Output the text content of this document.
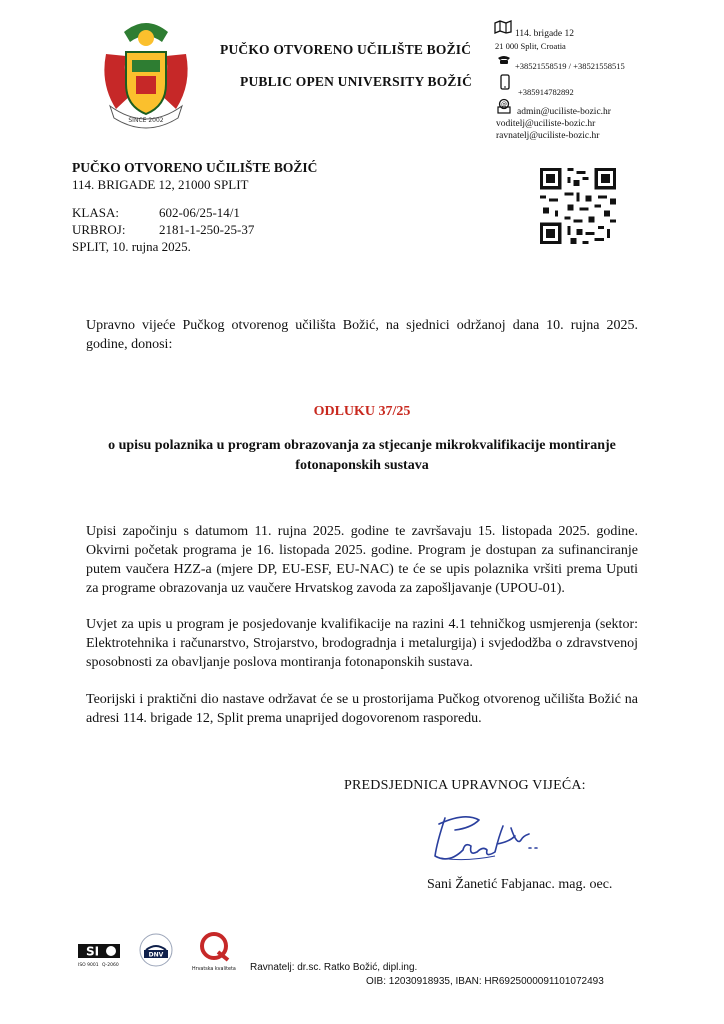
SINCE 2002
PUČKO OTVORENO UČILIŠTE BOŽIĆ
PUBLIC OPEN UNIVERSITY BOŽIĆ
114. brigade 12
21 000 Split, Croatia
+38521558519 / +38521558515
+385914782892
@
admin@uciliste-bozic.hr
voditelj@uciliste-bozic.hr
ravnatelj@uciliste-bozic.hr
PUČKO OTVORENO UČILIŠTE BOŽIĆ
114. BRIGADE 12, 21000 SPLIT
KLASA:	602-06/25-14/1
URBROJ:	2181-1-250-25-37
SPLIT, 10. rujna 2025.
Upravno vijeće Pučkog otvorenog učilišta Božić, na sjednici održanoj dana 10. rujna 2025. godine, donosi:
ODLUKU 37/25
o upisu polaznika u program obrazovanja za stjecanje mikrokvalifikacije montiranje fotonaponskih sustava
Upisi započinju s datumom 11. rujna 2025. godine te završavaju 15. listopada 2025. godine. Okvirni početak programa je 16. listopada 2025. godine. Program je dostupan za sufinanciranje putem vaučera HZZ-a (mjere DP, EU-ESF, EU-NAC) te će se upis polaznika vršiti prema Uputi za programe obrazovanja uz vaučere Hrvatskog zavoda za zapošljavanje (UPOU-01).
Uvjet za upis u program je posjedovanje kvalifikacije na razini 4.1 tehničkog usmjerenja (sektor: Elektrotehnika i računarstvo, Strojarstvo, brodogradnja i metalurgija) i svjedodžba o zdravstvenoj sposobnosti za obavljanje poslova montiranja fotonaponskih sustava.
Teorijski i praktični dio nastave održavat će se u prostorijama Pučkog otvorenog učilišta Božić na adresi 114. brigade 12, Split prema unaprijed dogovorenom rasporedu.
PREDSJEDNICA UPRAVNOG VIJEĆA:
Sani Žanetić Fabjanac. mag. oec.
SI
ISO 9001 Q-2060
DNV
Hrvatska kvaliteta Ravnatelj: dr.sc. Ratko Božić, dipl.ing.
OIB: 12030918935, IBAN: HR6925000091101072493
